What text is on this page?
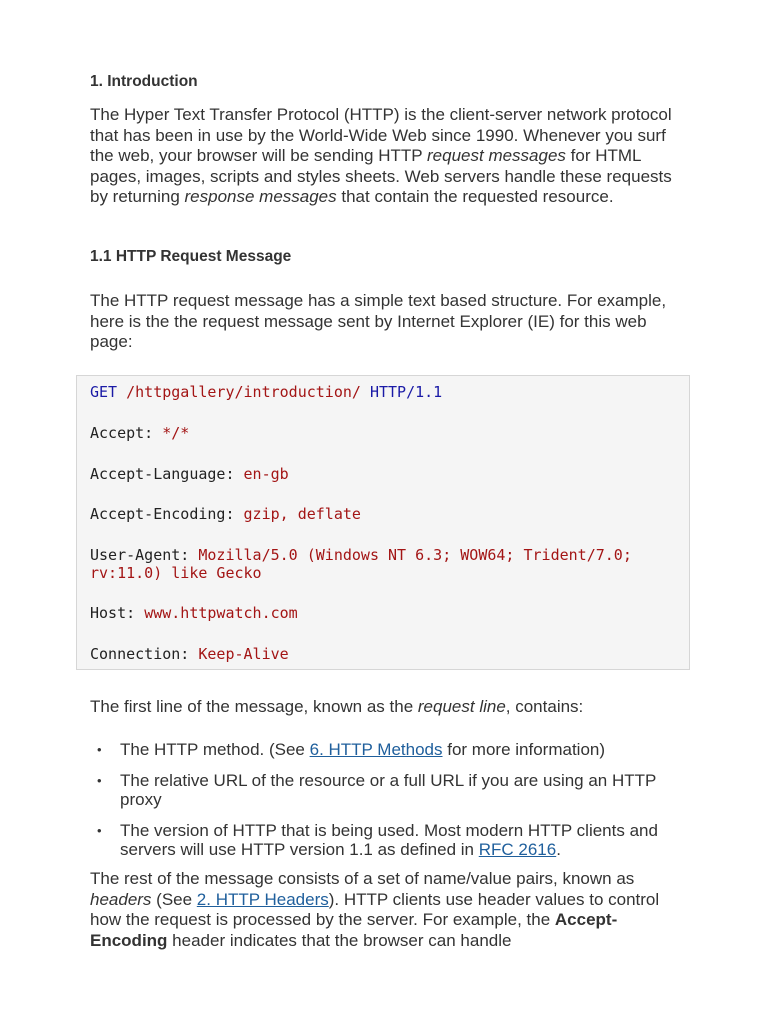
1. Introduction

The Hyper Text Transfer Protocol (HTTP) is the client-server network protocol that has been in use by the World-Wide Web since 1990. Whenever you surf the web, your browser will be sending HTTP request messages for HTML pages, images, scripts and styles sheets. Web servers handle these requests by returning response messages that contain the requested resource.

1.1 HTTP Request Message

The HTTP request message has a simple text based structure. For example, here is the the request message sent by Internet Explorer (IE) for this web page:

GET /httpgallery/introduction/ HTTP/1.1
Accept: */*
Accept-Language: en-gb
Accept-Encoding: gzip, deflate
User-Agent: Mozilla/5.0 (Windows NT 6.3; WOW64; Trident/7.0;
rv:11.0) like Gecko
Host: www.httpwatch.com
Connection: Keep-Alive

The first line of the message, known as the request line, contains:

• The HTTP method. (See 6. HTTP Methods for more information)
• The relative URL of the resource or a full URL if you are using an HTTP proxy
• The version of HTTP that is being used. Most modern HTTP clients and servers will use HTTP version 1.1 as defined in RFC 2616.

The rest of the message consists of a set of name/value pairs, known as headers (See 2. HTTP Headers). HTTP clients use header values to control how the request is processed by the server. For example, the Accept-Encoding header indicates that the browser can handle
